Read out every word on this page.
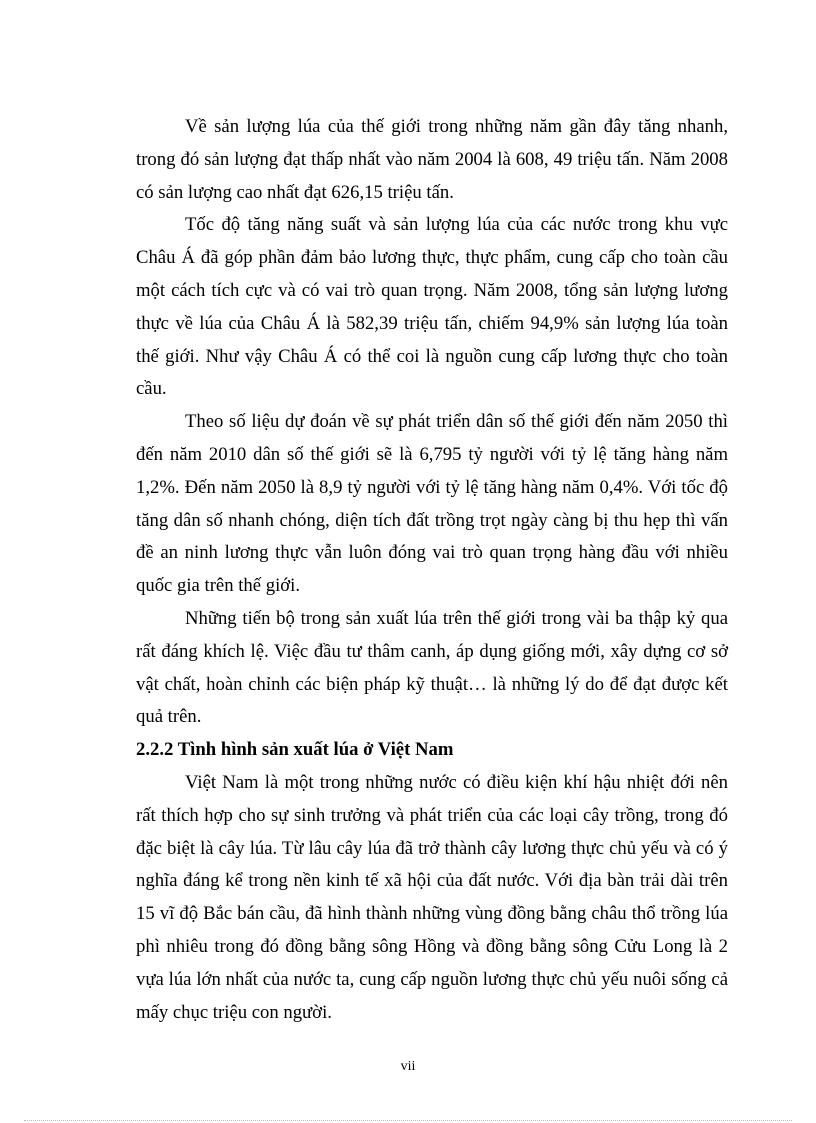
Về sản lượng lúa của thế giới trong những năm gần đây tăng nhanh, trong đó sản lượng đạt thấp nhất vào năm 2004 là 608, 49 triệu tấn. Năm 2008 có sản lượng cao nhất đạt 626,15 triệu tấn.

Tốc độ tăng năng suất và sản lượng lúa của các nước trong khu vực Châu Á đã góp phần đảm bảo lương thực, thực phẩm, cung cấp cho toàn cầu một cách tích cực và có vai trò quan trọng. Năm 2008, tổng sản lượng lương thực về lúa của Châu Á là 582,39 triệu tấn, chiếm 94,9% sản lượng lúa toàn thế giới. Như vậy Châu Á có thể coi là nguồn cung cấp lương thực cho toàn cầu.

Theo số liệu dự đoán về sự phát triển dân số thế giới đến năm 2050 thì đến năm 2010 dân số thế giới sẽ là 6,795 tỷ người với tỷ lệ tăng hàng năm 1,2%. Đến năm 2050 là 8,9 tỷ người với tỷ lệ tăng hàng năm 0,4%. Với tốc độ tăng dân số nhanh chóng, diện tích đất trồng trọt ngày càng bị thu hẹp thì vấn đề an ninh lương thực vẫn luôn đóng vai trò quan trọng hàng đầu với nhiều quốc gia trên thế giới.

Những tiến bộ trong sản xuất lúa trên thế giới trong vài ba thập kỷ qua rất đáng khích lệ. Việc đầu tư thâm canh, áp dụng giống mới, xây dựng cơ sở vật chất, hoàn chỉnh các biện pháp kỹ thuật… là những lý do để đạt được kết quả trên.

2.2.2 Tình hình sản xuất lúa ở Việt Nam

Việt Nam là một trong những nước có điều kiện khí hậu nhiệt đới nên rất thích hợp cho sự sinh trưởng và phát triển của các loại cây trồng, trong đó đặc biệt là cây lúa. Từ lâu cây lúa đã trở thành cây lương thực chủ yếu và có ý nghĩa đáng kể trong nền kinh tế xã hội của đất nước. Với địa bàn trải dài trên 15 vĩ độ Bắc bán cầu, đã hình thành những vùng đồng bằng châu thổ trồng lúa phì nhiêu trong đó đồng bằng sông Hồng và đồng bằng sông Cửu Long là 2 vựa lúa lớn nhất của nước ta, cung cấp nguồn lương thực chủ yếu nuôi sống cả mấy chục triệu con người.

vii
